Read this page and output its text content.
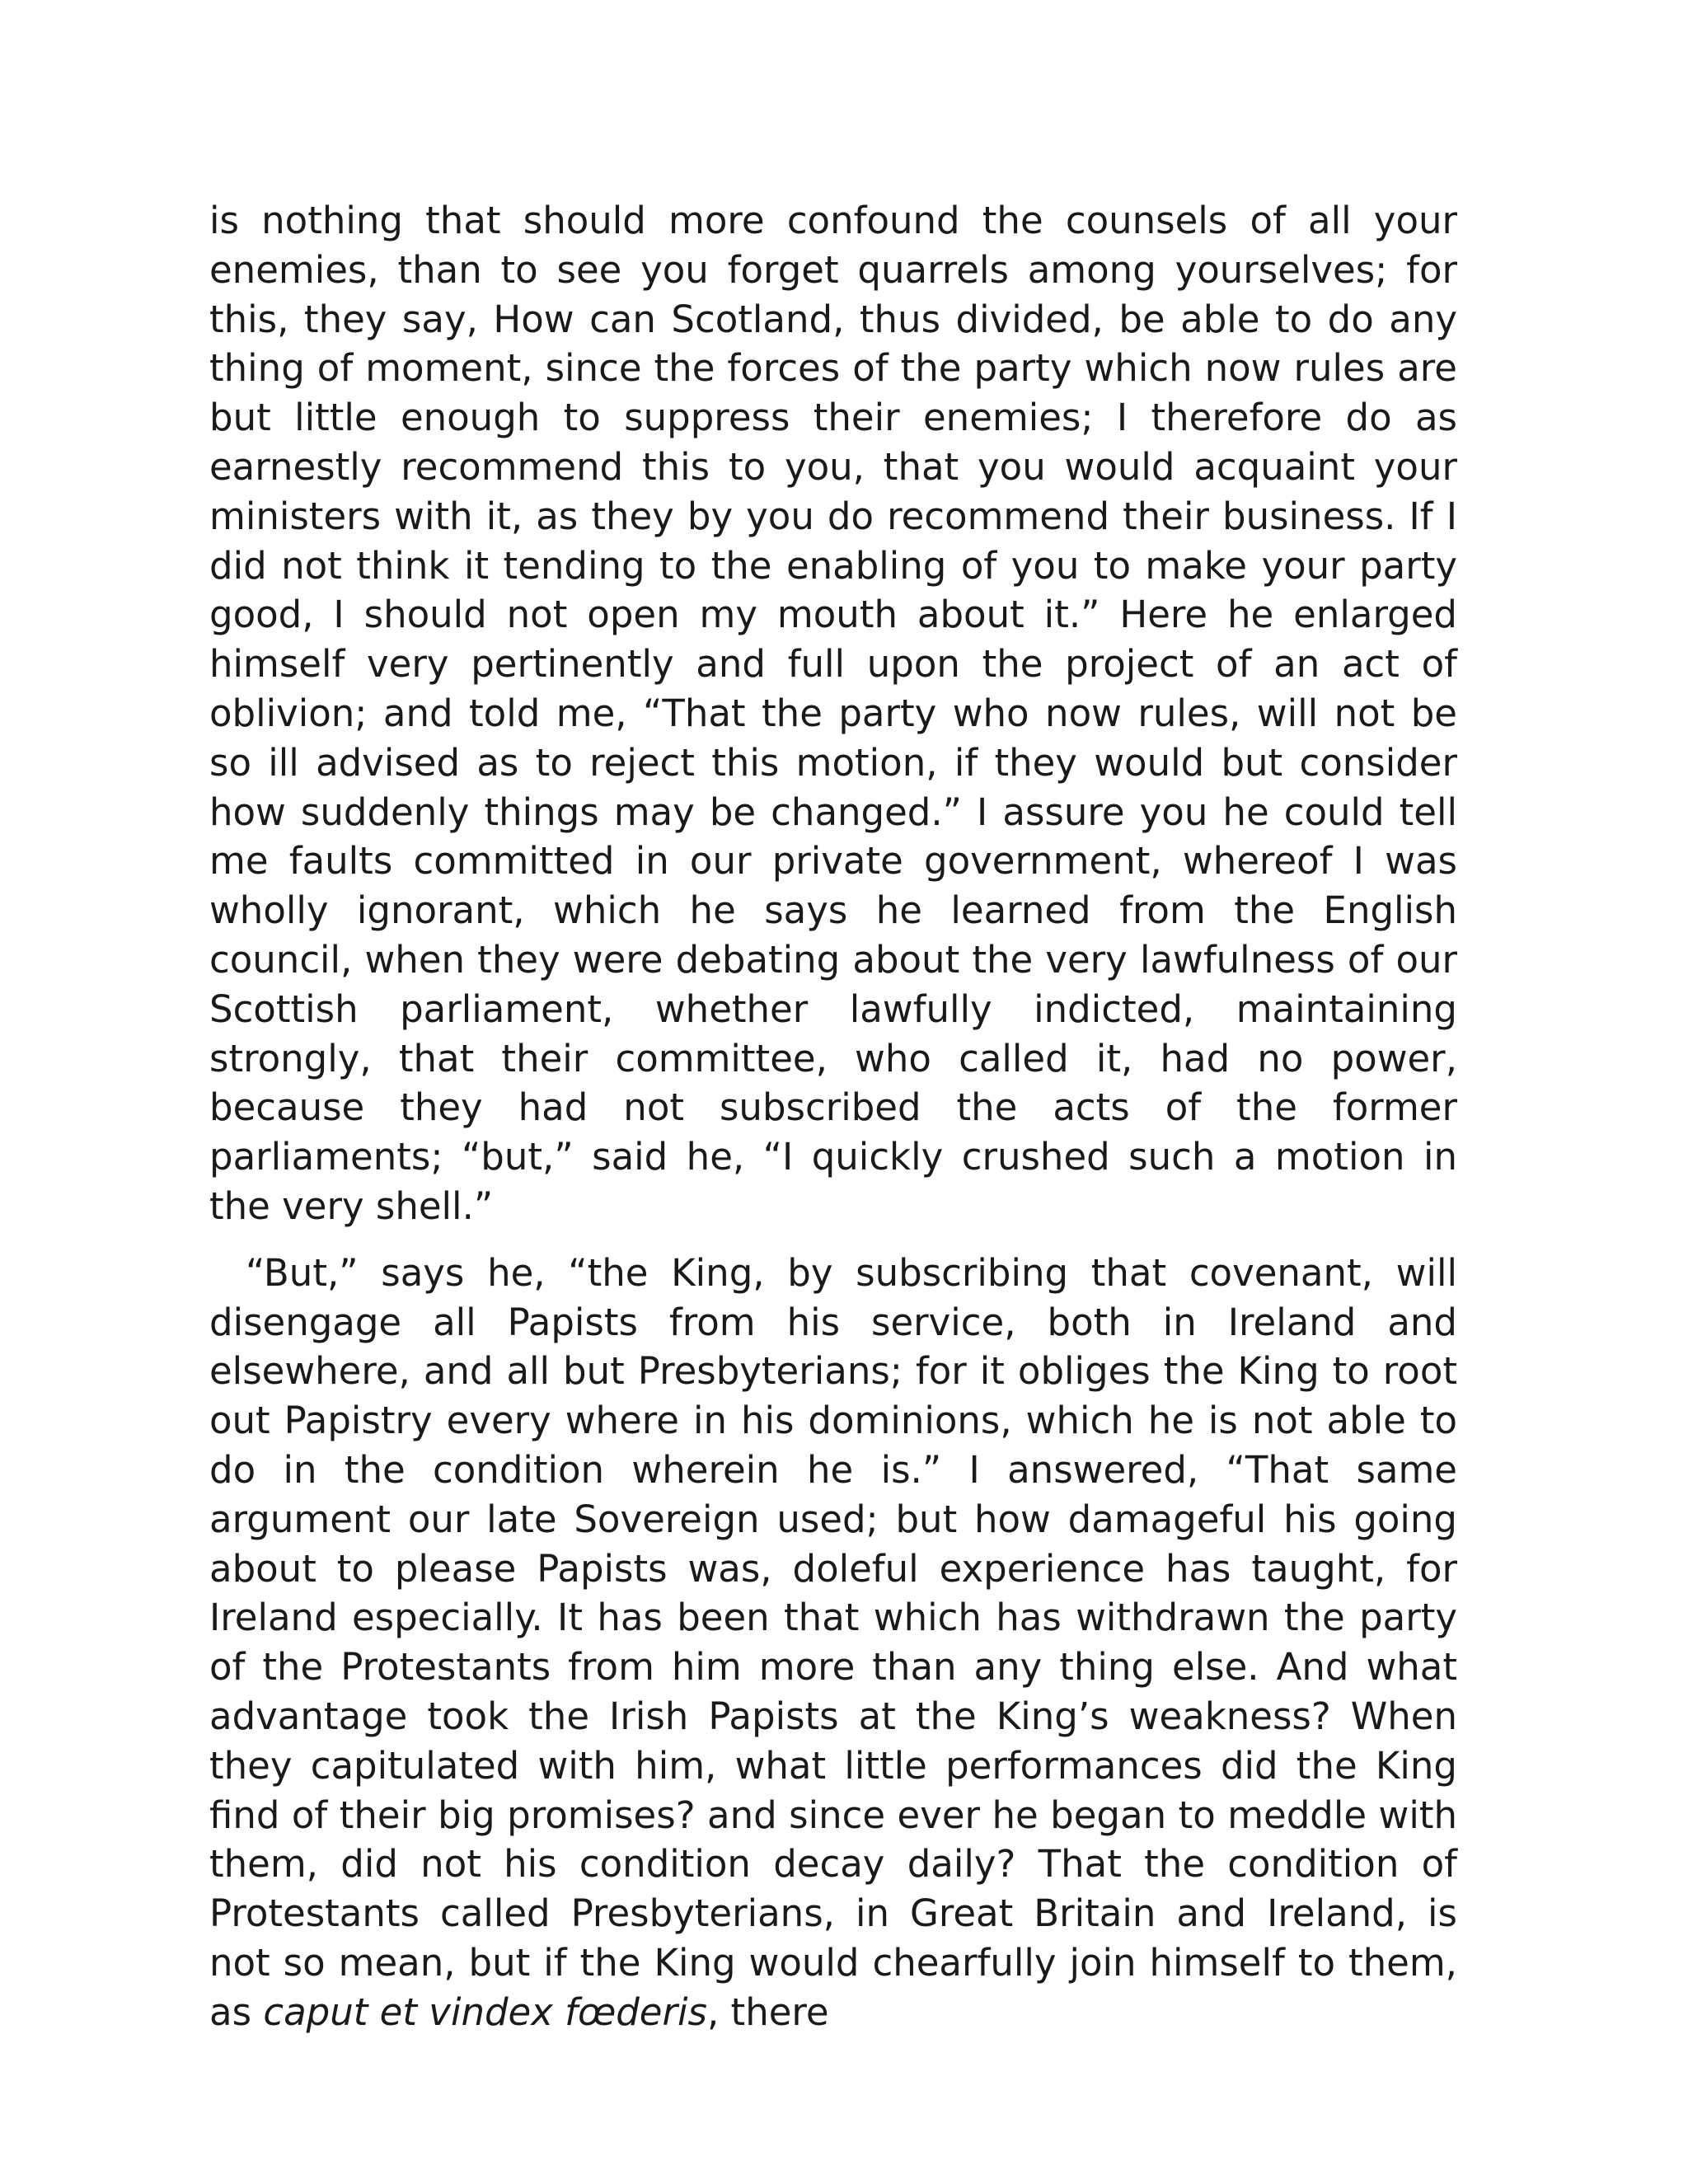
is nothing that should more confound the counsels of all your enemies, than to see you forget quarrels among yourselves; for this, they say, How can Scotland, thus divided, be able to do any thing of moment, since the forces of the party which now rules are but little enough to suppress their enemies; I therefore do as earnestly recommend this to you, that you would acquaint your ministers with it, as they by you do recommend their business. If I did not think it tending to the enabling of you to make your party good, I should not open my mouth about it.” Here he enlarged himself very pertinently and full upon the project of an act of oblivion; and told me, “That the party who now rules, will not be so ill advised as to reject this motion, if they would but consider how suddenly things may be changed.” I assure you he could tell me faults committed in our private government, whereof I was wholly ignorant, which he says he learned from the English council, when they were debating about the very lawfulness of our Scottish parliament, whether lawfully indicted, maintaining strongly, that their committee, who called it, had no power, because they had not subscribed the acts of the former parliaments; “but,” said he, “I quickly crushed such a motion in the very shell.”

“But,” says he, “the King, by subscribing that covenant, will disengage all Papists from his service, both in Ireland and elsewhere, and all but Presbyterians; for it obliges the King to root out Papistry every where in his dominions, which he is not able to do in the condition wherein he is.” I answered, “That same argument our late Sovereign used; but how damageful his going about to please Papists was, doleful experience has taught, for Ireland especially. It has been that which has withdrawn the party of the Protestants from him more than any thing else. And what advantage took the Irish Papists at the King’s weakness? When they capitulated with him, what little performances did the King find of their big promises? and since ever he began to meddle with them, did not his condition decay daily? That the condition of Protestants called Presbyterians, in Great Britain and Ireland, is not so mean, but if the King would chearfully join himself to them, as caput et vindex fœderis, there
